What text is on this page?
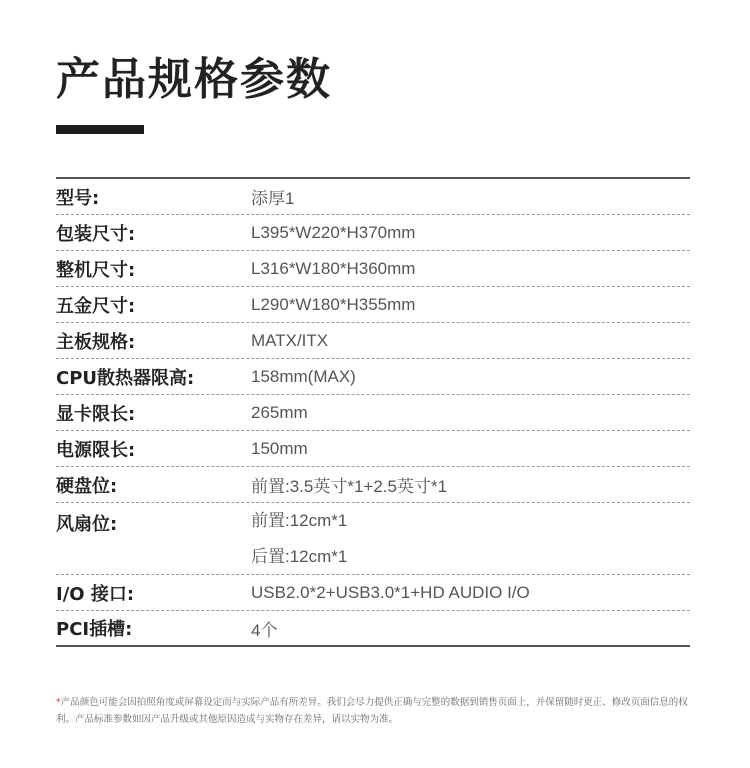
产品规格参数
型号:	添厚1
包装尺寸:	L395*W220*H370mm
整机尺寸:	L316*W180*H360mm
五金尺寸:	L290*W180*H355mm
主板规格:	MATX/ITX
CPU散热器限高:	158mm(MAX)
显卡限长:	265mm
电源限长:	150mm
硬盘位:	前置:3.5英寸*1+2.5英寸*1
风扇位:	前置:12cm*1
后置:12cm*1
I/O 接口:	USB2.0*2+USB3.0*1+HD AUDIO I/O
PCI插槽:	4个

*产品颜色可能会因拍照角度或屏幕设定而与实际产品有所差异。我们会尽力提供正确与完整的数据到销售页面上，并保留随时更正、修改页面信息的权利。产品标准参数如因产品升级或其他原因造成与实物存在差异，请以实物为准。
